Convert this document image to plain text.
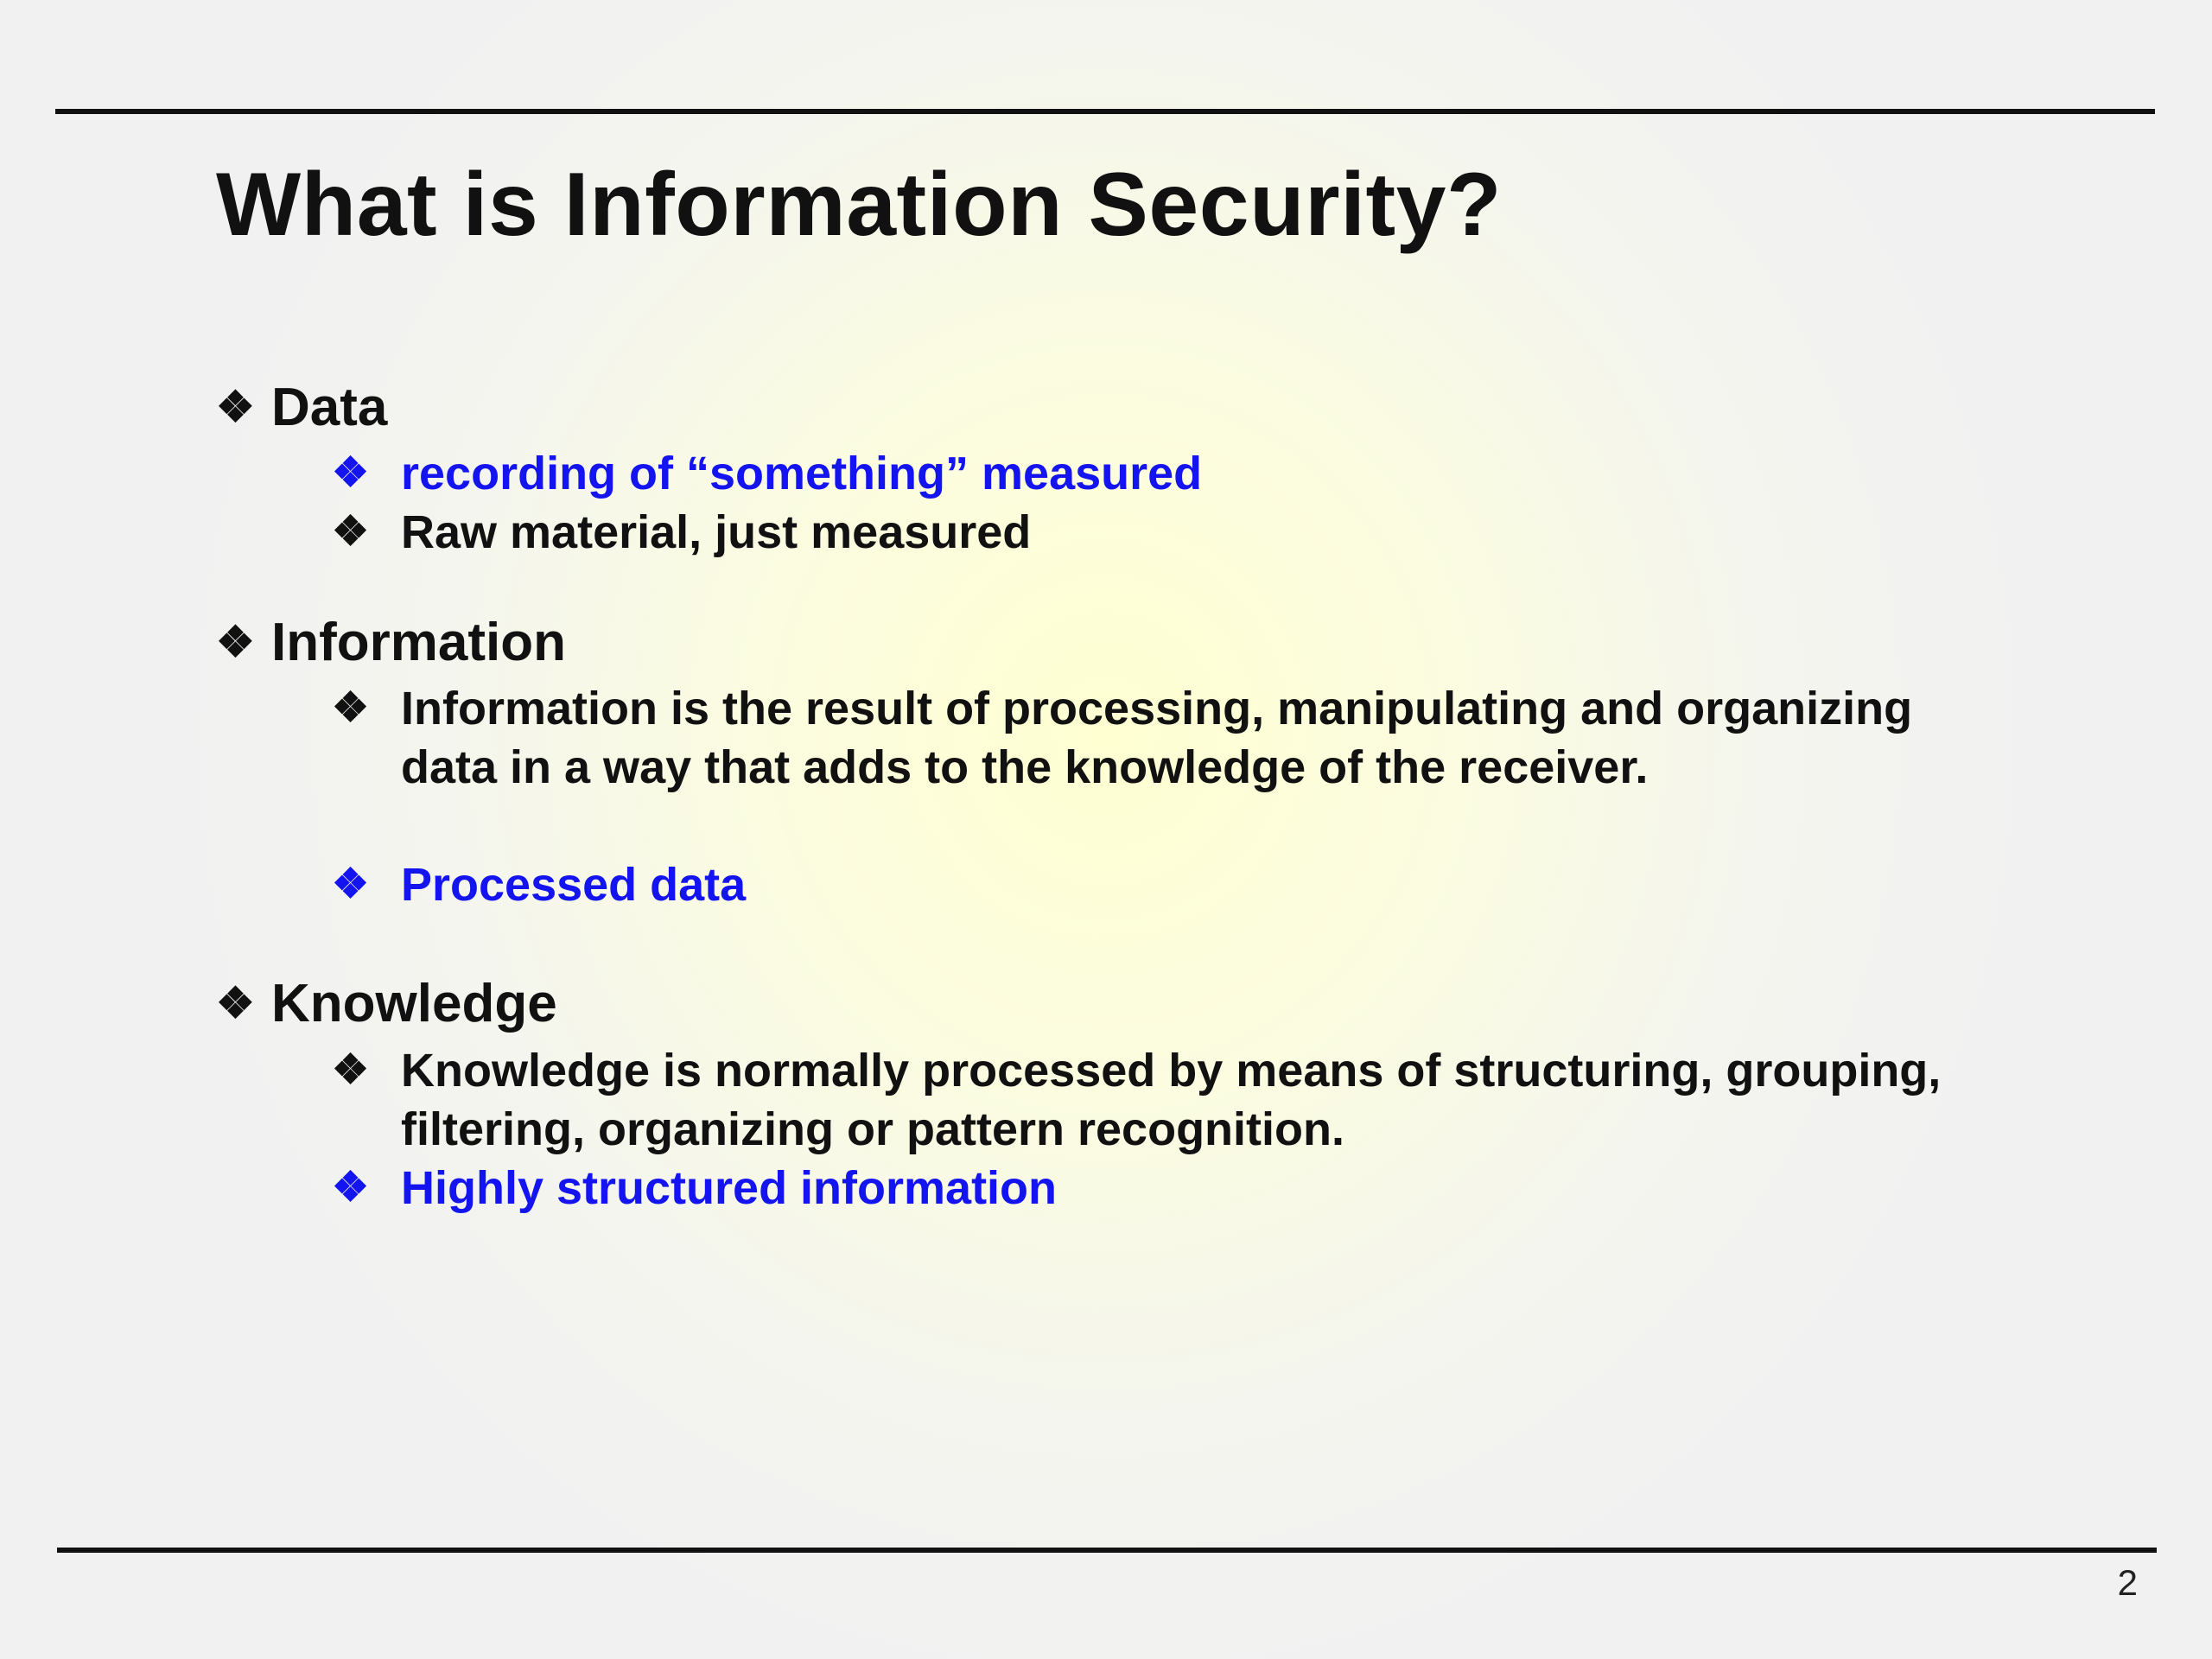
What is Information Security?
❖ Data
❖ recording of “something” measured
❖ Raw material, just measured
❖ Information
❖ Information is the result of processing, manipulating and organizing data in a way that adds to the knowledge of the receiver.
❖ Processed data
❖ Knowledge
❖ Knowledge is normally processed by means of structuring, grouping, filtering, organizing or pattern recognition.
❖ Highly structured information
2
